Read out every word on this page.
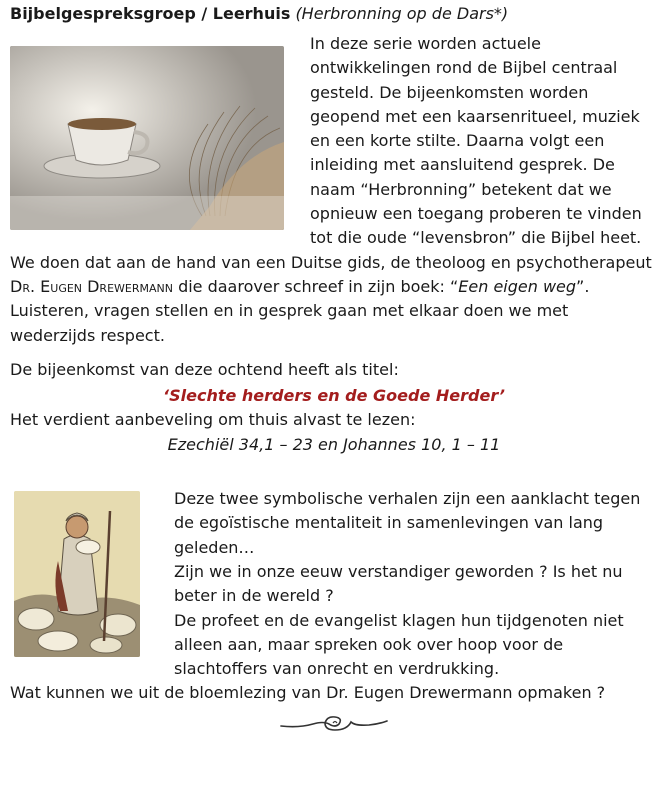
Bijbelgespreksgroep / Leerhuis (Herbronning op de Dars*)

In deze serie worden actuele ontwikkelingen rond de Bijbel centraal gesteld. De bijeenkomsten worden geopend met een kaarsenritueel, muziek en een korte stilte. Daarna volgt een inleiding met aansluitend gesprek. De naam “Herbronning” betekent dat we opnieuw een toegang proberen te vinden tot die oude “levensbron” die Bijbel heet. We doen dat aan de hand van een Duitse gids, de theoloog en psychotherapeut Dr. Eugen Drewermann die daarover schreef in zijn boek: “Een eigen weg”. Luisteren, vragen stellen en in gesprek gaan met elkaar doen we met wederzijds respect.

De bijeenkomst van deze ochtend heeft als titel:

‘Slechte herders en de Goede Herder’

Het verdient aanbeveling om thuis alvast te lezen:

Ezechiël 34,1 – 23 en Johannes 10, 1 – 11

Deze twee symbolische verhalen zijn een aanklacht tegen de egoïstische mentaliteit in samenlevingen van lang geleden…

Zijn we in onze eeuw verstandiger geworden ? Is het nu beter in de wereld ?

De profeet en de evangelist klagen hun tijdgenoten niet alleen aan, maar spreken ook over hoop voor de slachtoffers van onrecht en verdrukking.

Wat kunnen we uit de bloemlezing van Dr. Eugen Drewermann opmaken ?
